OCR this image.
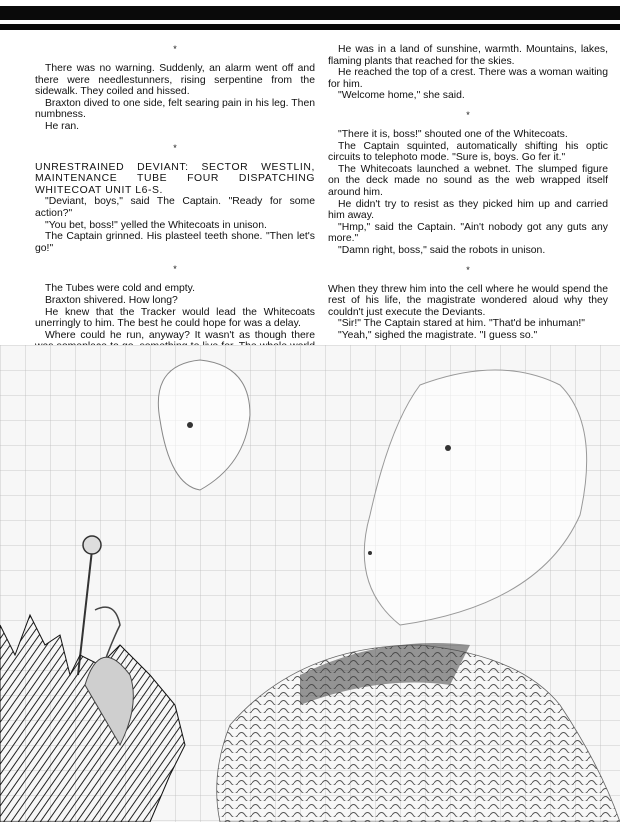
*

There was no warning. Suddenly, an alarm went off and there were needlestunners, rising serpentine from the sidewalk. They coiled and hissed.

Braxton dived to one side, felt searing pain in his leg. Then numbness.

He ran.

*

UNRESTRAINED DEVIANT: SECTOR WESTLIN, MAINTENANCE TUBE FOUR DISPATCHING WHITECOAT UNIT L6-S.

"Deviant, boys," said The Captain. "Ready for some action?"

"You bet, boss!" yelled the Whitecoats in unison.

The Captain grinned. His plasteel teeth shone. "Then let's go!"

*

The Tubes were cold and empty.

Braxton shivered. How long?

He knew that the Tracker would lead the Whitecoats unerringly to him. The best he could hope for was a delay.

Where could he run, anyway? It wasn't as though there

He was in a land of sunshine, warmth. Mountains, lakes, flaming plants that reached for the skies.

He reached the top of a crest. There was a woman waiting for him.

"Welcome home," she said.

*

"There it is, boss!" shouted one of the Whitecoats.

The Captain squinted, automatically shifting his optic circuits to telephoto mode. "Sure is, boys. Go fer it."

The Whitecoats launched a webnet. The slumped figure on the deck made no sound as the web wrapped itself around him.

He didn't try to resist as they picked him up and carried him away.

"Hmp," said the Captain. "Ain't nobody got any guts any more."

"Damn right, boss," said the robots in unison.

*

When they threw him into the cell where he would spend the rest of his life, the magistrate wondered aloud why they couldn't just execute the Deviants.

"Sir!" The Captain stared at him. "That'd be inhuman!"

"Yeah," sighed the magistrate. "I guess so."
